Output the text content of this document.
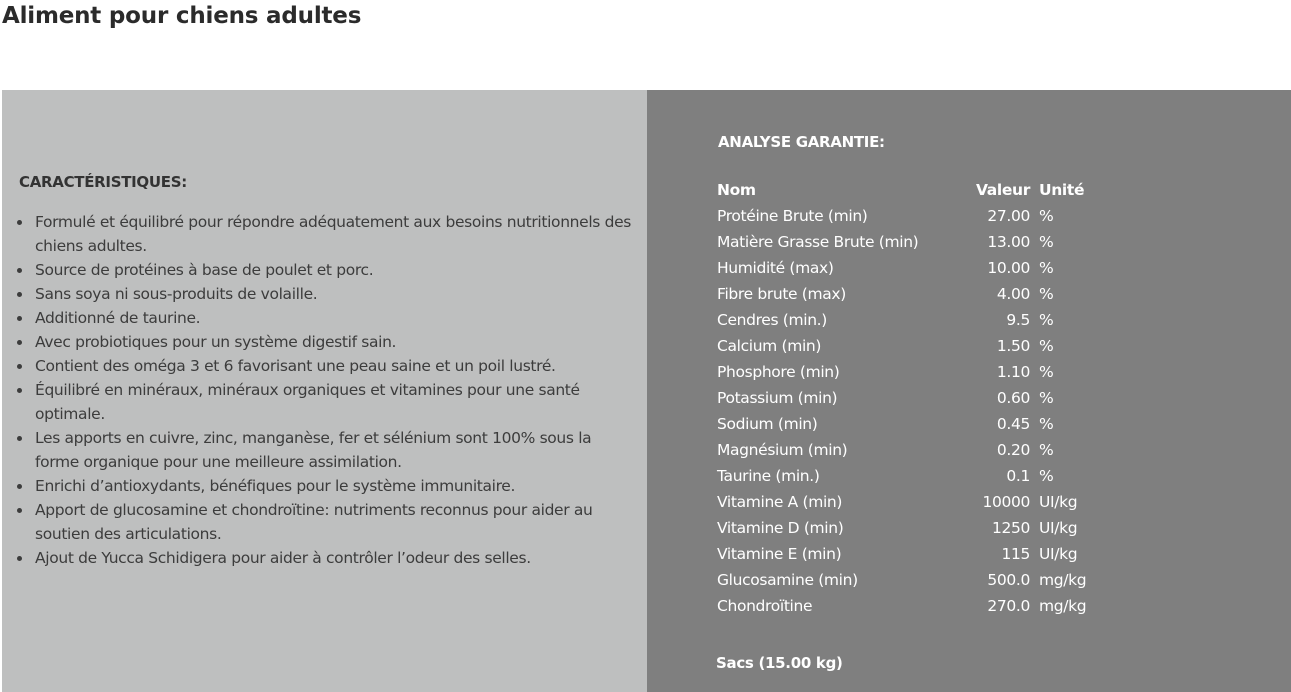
Aliment pour chiens adultes
CARACTÉRISTIQUES:
• Formulé et équilibré pour répondre adéquatement aux besoins nutritionnels des chiens adultes.
• Source de protéines à base de poulet et porc.
• Sans soya ni sous-produits de volaille.
• Additionné de taurine.
• Avec probiotiques pour un système digestif sain.
• Contient des oméga 3 et 6 favorisant une peau saine et un poil lustré.
• Équilibré en minéraux, minéraux organiques et vitamines pour une santé optimale.
• Les apports en cuivre, zinc, manganèse, fer et sélénium sont 100% sous la forme organique pour une meilleure assimilation.
• Enrichi d’antioxydants, bénéfiques pour le système immunitaire.
• Apport de glucosamine et chondroïtine: nutriments reconnus pour aider au soutien des articulations.
• Ajout de Yucca Schidigera pour aider à contrôler l’odeur des selles.
ANALYSE GARANTIE:
Nom	Valeur	Unité
Protéine Brute (min)	27.00	%
Matière Grasse Brute (min)	13.00	%
Humidité (max)	10.00	%
Fibre brute (max)	4.00	%
Cendres (min.)	9.5	%
Calcium (min)	1.50	%
Phosphore (min)	1.10	%
Potassium (min)	0.60	%
Sodium (min)	0.45	%
Magnésium (min)	0.20	%
Taurine (min.)	0.1	%
Vitamine A (min)	10000	UI/kg
Vitamine D (min)	1250	UI/kg
Vitamine E (min)	115	UI/kg
Glucosamine (min)	500.0	mg/kg
Chondroïtine	270.0	mg/kg
Sacs (15.00 kg)
